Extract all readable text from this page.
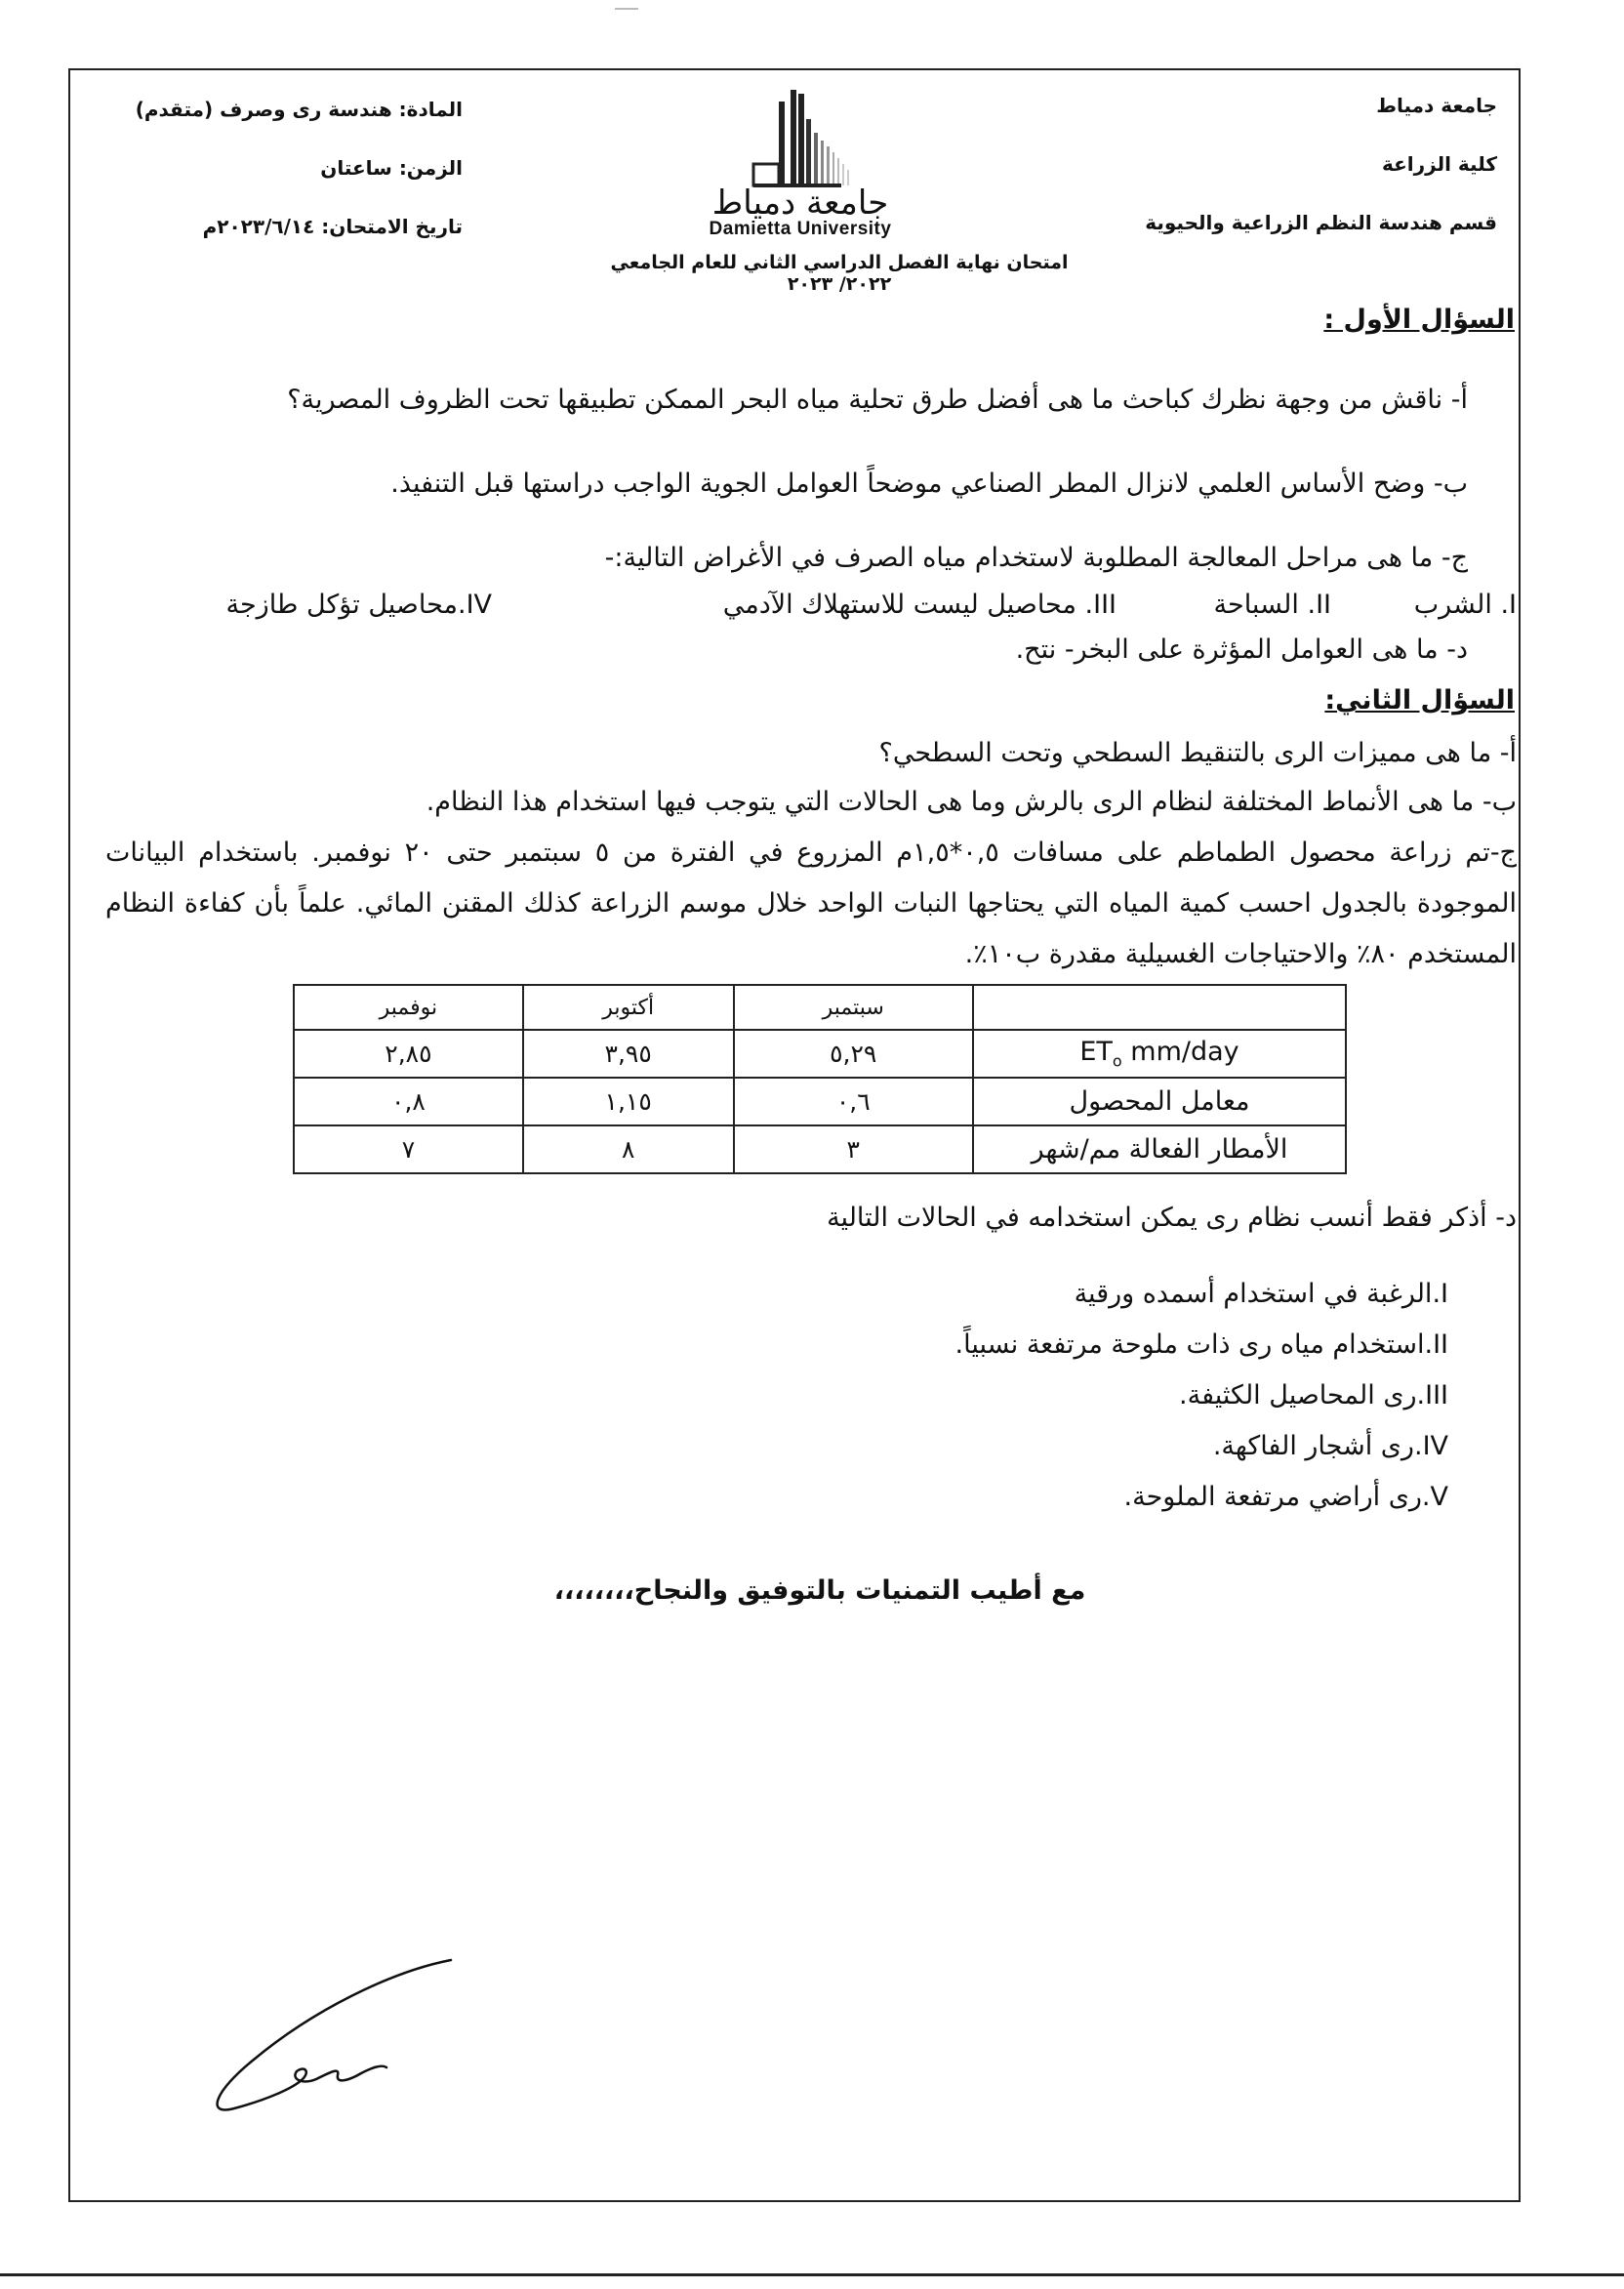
جامعة دمياط
كلية الزراعة
قسم هندسة النظم الزراعية والحيوية
المادة: هندسة رى وصرف (متقدم)
الزمن: ساعتان
تاريخ الامتحان: ٢٠٢٣/٦/١٤م
جامعة دمياط
Damietta University
امتحان نهاية الفصل الدراسي الثاني للعام الجامعي ٢٠٢٢/ ٢٠٢٣
السؤال الأول :
أ- ناقش من وجهة نظرك كباحث ما هى أفضل طرق تحلية مياه البحر الممكن تطبيقها تحت الظروف المصرية؟
ب- وضح الأساس العلمي لانزال المطر الصناعي موضحاً العوامل الجوية الواجب دراستها قبل التنفيذ.
ج- ما هى مراحل المعالجة المطلوبة لاستخدام مياه الصرف في الأغراض التالية:-
I. الشرب
II. السباحة
III. محاصيل ليست للاستهلاك الآدمي
IV.محاصيل تؤكل طازجة
د- ما هى العوامل المؤثرة على البخر- نتح.
السؤال الثاني:
أ- ما هى مميزات الرى بالتنقيط السطحي وتحت السطحي؟
ب- ما هى الأنماط المختلفة لنظام الرى بالرش وما هى الحالات التي يتوجب فيها استخدام هذا النظام.
ج-تم زراعة محصول الطماطم على مسافات ٠,٥*١,٥م المزروع في الفترة من ٥ سبتمبر حتى ٢٠ نوفمبر. باستخدام البيانات الموجودة بالجدول احسب كمية المياه التي يحتاجها النبات الواحد خلال موسم الزراعة كذلك المقنن المائي. علماً بأن كفاءة النظام المستخدم ٨٠٪ والاحتياجات الغسيلية مقدرة ب١٠٪.
	سبتمبر	أكتوبر	نوفمبر
$ET_o$ mm/day	٥,٢٩	٣,٩٥	٢,٨٥
معامل المحصول	٠,٦	١,١٥	٠,٨
الأمطار الفعالة مم/شهر	٣	٨	٧
د- أذكر فقط أنسب نظام رى يمكن استخدامه في الحالات التالية
I.الرغبة في استخدام أسمده ورقية
II.استخدام مياه رى ذات ملوحة مرتفعة نسبياً.
III.رى المحاصيل الكثيفة.
IV.رى أشجار الفاكهة.
V.رى أراضي مرتفعة الملوحة.
مع أطيب التمنيات بالتوفيق والنجاح،،،،،،،،
